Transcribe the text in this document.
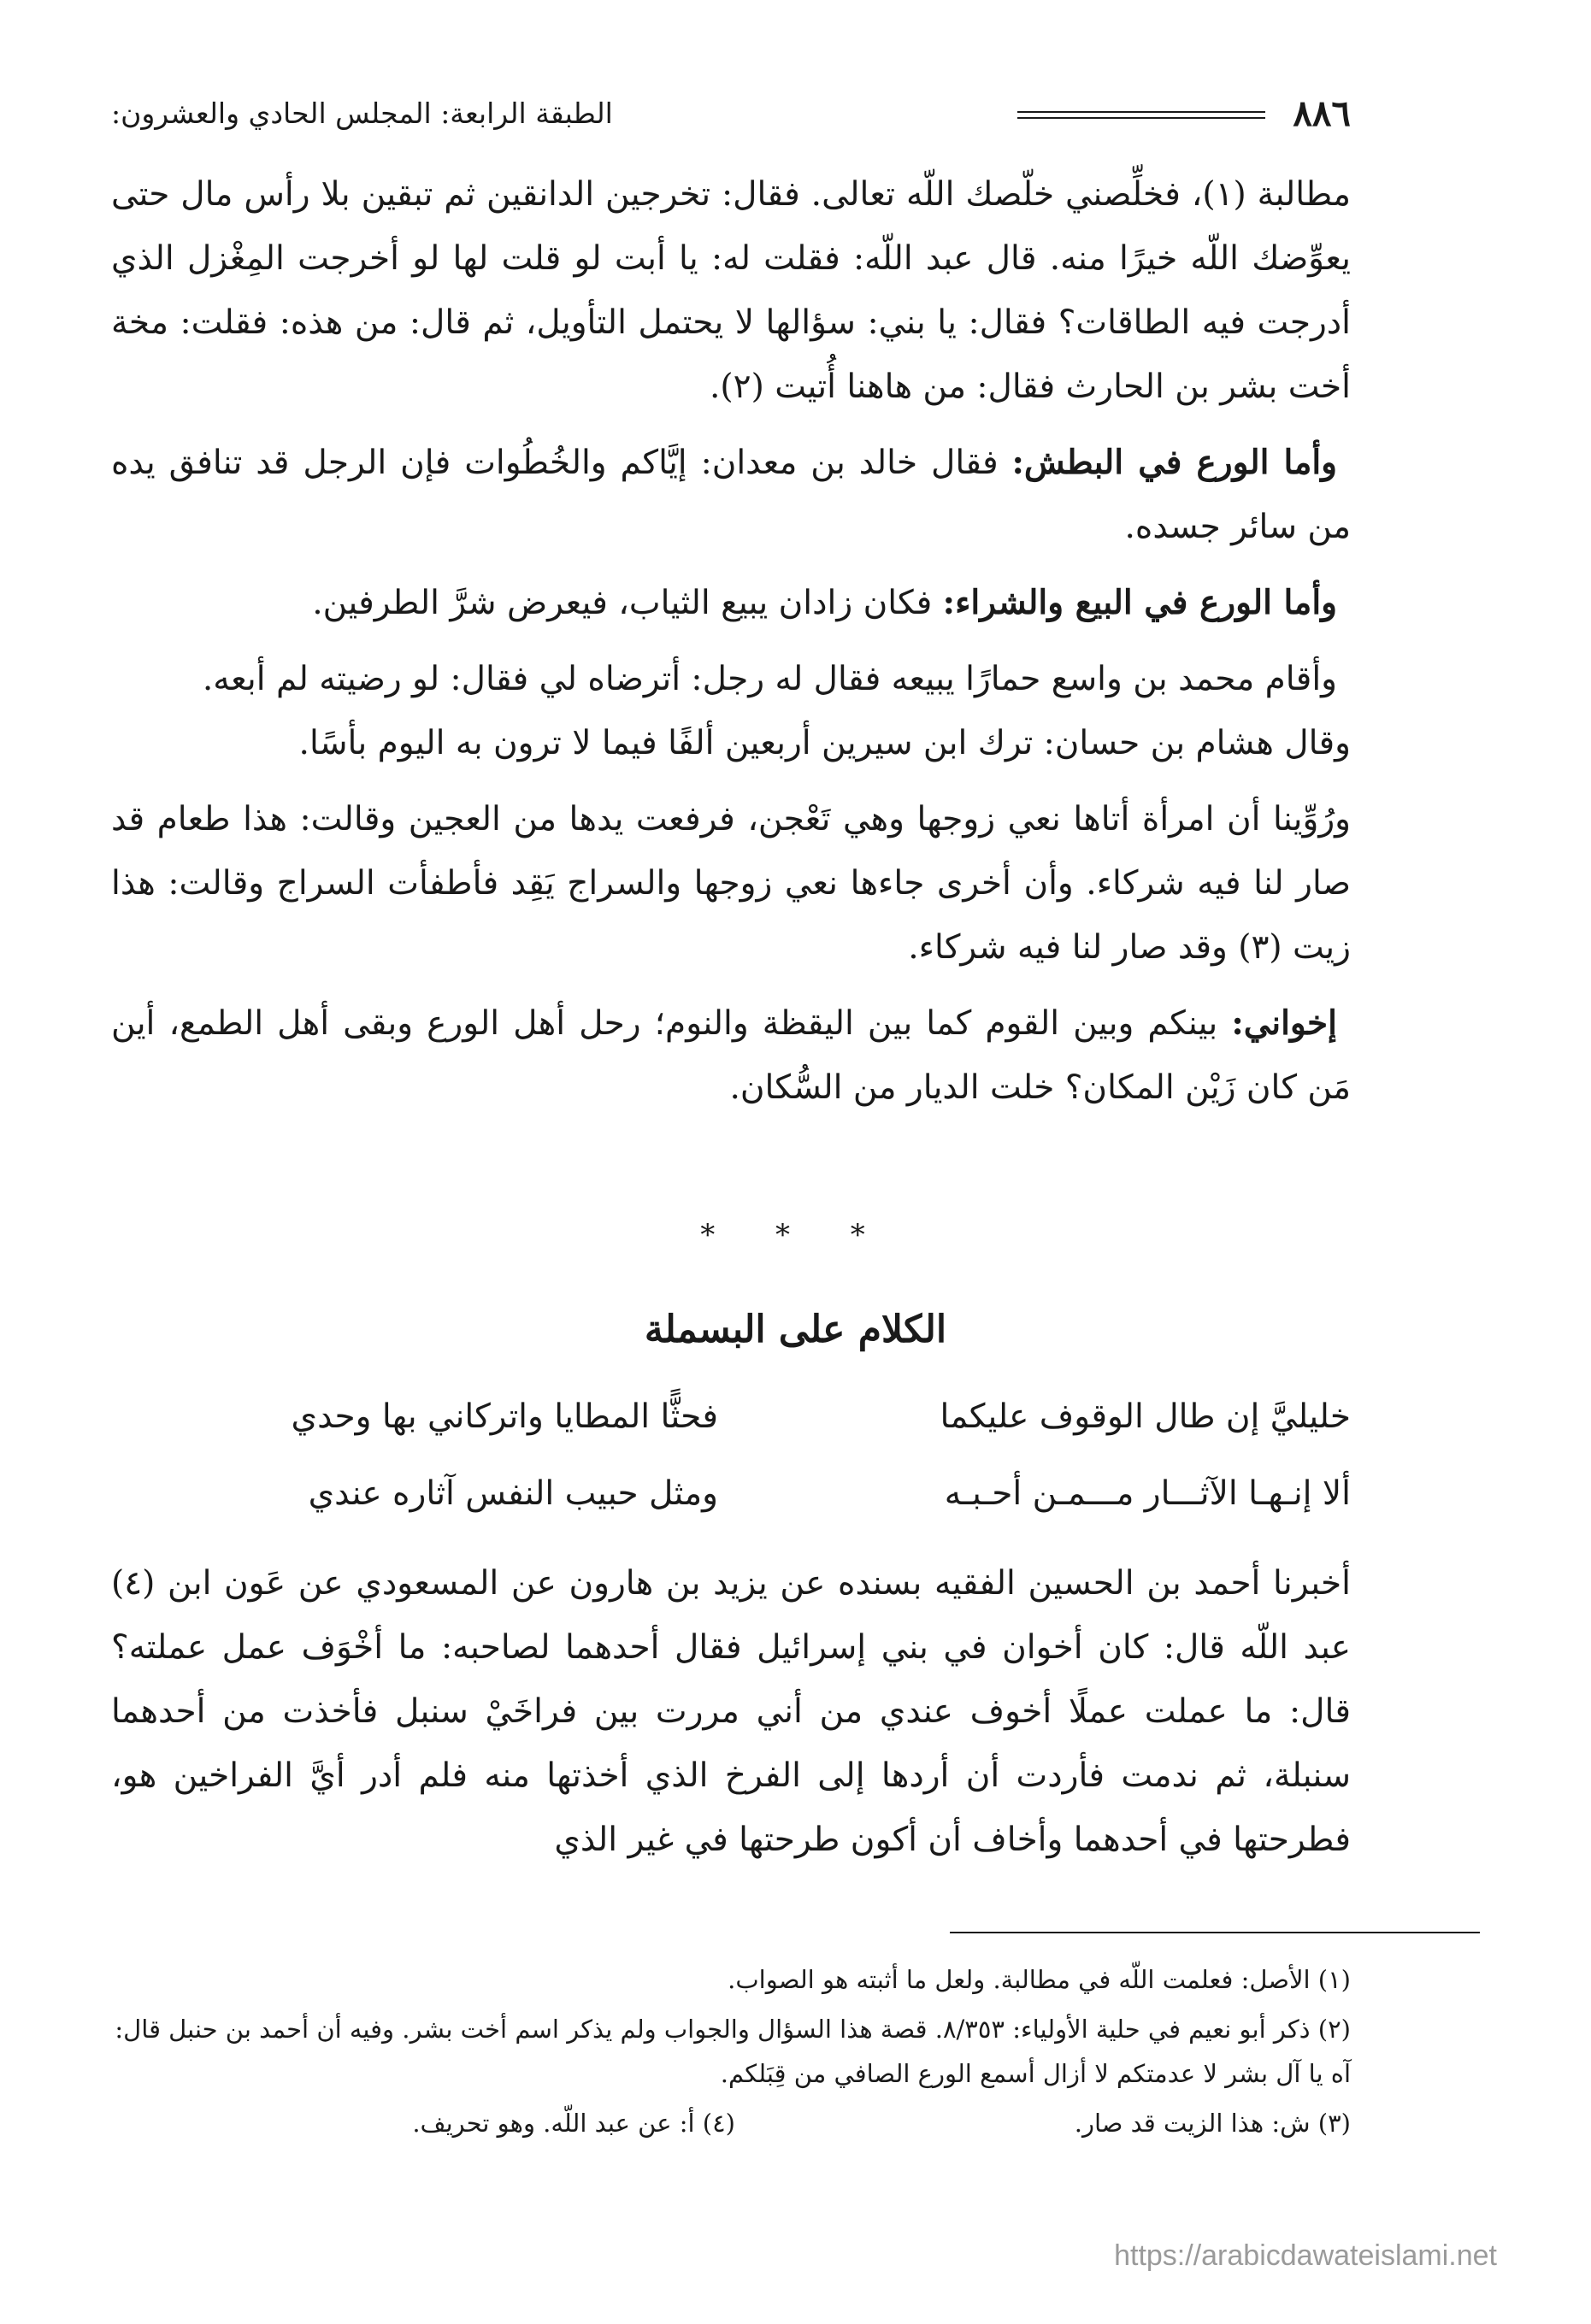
٨٨٦
الطبقة الرابعة: المجلس الحادي والعشرون:

مطالبة (١)، فخلِّصني خلّصك اللّه تعالى. فقال: تخرجين الدانقين ثم تبقين بلا رأس مال حتى يعوِّضك اللّه خيرًا منه. قال عبد اللّه: فقلت له: يا أبت لو قلت لها لو أخرجت المِغْزل الذي أدرجت فيه الطاقات؟ فقال: يا بني: سؤالها لا يحتمل التأويل، ثم قال: من هذه: فقلت: مخة أخت بشر بن الحارث فقال: من هاهنا أُتيت (٢).

وأما الورع في البطش: فقال خالد بن معدان: إيَّاكم والخُطُوات فإن الرجل قد تنافق يده من سائر جسده.

وأما الورع في البيع والشراء: فكان زادان يبيع الثياب، فيعرض شرَّ الطرفين.

وأقام محمد بن واسع حمارًا يبيعه فقال له رجل: أترضاه لي فقال: لو رضيته لم أبعه.

وقال هشام بن حسان: ترك ابن سيرين أربعين ألفًا فيما لا ترون به اليوم بأسًا.

ورُوِّينا أن امرأة أتاها نعي زوجها وهي تَعْجن، فرفعت يدها من العجين وقالت: هذا طعام قد صار لنا فيه شركاء. وأن أخرى جاءها نعي زوجها والسراج يَقِد فأطفأت السراج وقالت: هذا زيت (٣) وقد صار لنا فيه شركاء.

إخواني: بينكم وبين القوم كما بين اليقظة والنوم؛ رحل أهل الورع وبقى أهل الطمع، أين مَن كان زَيْن المكان؟ خلت الديار من السُّكان.

* * *
الكلام على البسملة
خليليَّ إن طال الوقوف عليكما
فحثًّا المطايا واتركاني بها وحدي
ألا إنـهـا الآثـــار مـــمـن أحـبـه
ومثل حبيب النفس آثاره عندي

أخبرنا أحمد بن الحسين الفقيه بسنده عن يزيد بن هارون عن المسعودي عن عَون ابن (٤) عبد اللّه قال: كان أخوان في بني إسرائيل فقال أحدهما لصاحبه: ما أخْوَف عمل عملته؟ قال: ما عملت عملًا أخوف عندي من أني مررت بين فراخَيْ سنبل فأخذت من أحدهما سنبلة، ثم ندمت فأردت أن أردها إلى الفرخ الذي أخذتها منه فلم أدر أيَّ الفراخين هو، فطرحتها في أحدهما وأخاف أن أكون طرحتها في غير الذي

(١) الأصل: فعلمت اللّه في مطالبة. ولعل ما أثبته هو الصواب.

(٢) ذكر أبو نعيم في حلية الأولياء: ٨/٣٥٣. قصة هذا السؤال والجواب ولم يذكر اسم أخت بشر. وفيه أن أحمد بن حنبل قال: آه يا آل بشر لا عدمتكم لا أزال أسمع الورع الصافي من قِبَلكم.

(٣) ش: هذا الزيت قد صار.
(٤) أ: عن عبد اللّه. وهو تحريف.
https://arabicdawateislami.net
